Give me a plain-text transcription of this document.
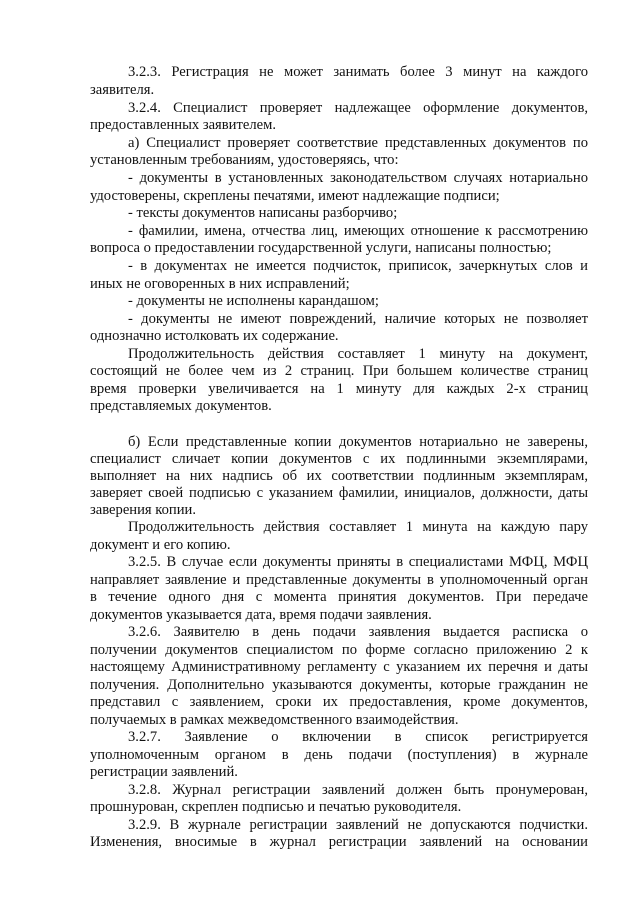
3.2.3. Регистрация не может занимать более 3 минут на каждого
заявителя.
3.2.4. Специалист проверяет надлежащее оформление документов,
предоставленных заявителем.
а) Специалист проверяет соответствие представленных документов по
установленным требованиям, удостоверяясь, что:
- документы в установленных законодательством случаях нотариально
удостоверены, скреплены печатями, имеют надлежащие подписи;
- тексты документов написаны разборчиво;
- фамилии, имена, отчества лиц, имеющих отношение к рассмотрению
вопроса о предоставлении государственной услуги, написаны полностью;
- в документах не имеется подчисток, приписок, зачеркнутых слов и
иных не оговоренных в них исправлений;
- документы не исполнены карандашом;
- документы не имеют повреждений, наличие которых не позволяет
однозначно истолковать их содержание.
Продолжительность действия составляет 1 минуту на документ,
состоящий не более чем из 2 страниц. При большем количестве страниц
время проверки увеличивается на 1 минуту для каждых 2-х страниц
представляемых документов.
б) Если представленные копии документов нотариально не заверены,
специалист сличает копии документов с их подлинными экземплярами,
выполняет на них надпись об их соответствии подлинным экземплярам,
заверяет своей подписью с указанием фамилии, инициалов, должности, даты
заверения копии.
Продолжительность действия составляет 1 минута на каждую пару
документ и его копию.
3.2.5. В случае если документы приняты в специалистами МФЦ, МФЦ
направляет заявление и представленные документы в уполномоченный орган
в течение одного дня с момента принятия документов. При передаче
документов указывается дата, время подачи заявления.
3.2.6. Заявителю в день подачи заявления выдается расписка о
получении документов специалистом по форме согласно приложению 2 к
настоящему Административному регламенту с указанием их перечня и даты
получения. Дополнительно указываются документы, которые гражданин не
представил с заявлением, сроки их предоставления, кроме документов,
получаемых в рамках межведомственного взаимодействия.
3.2.7. Заявление о включении в список регистрируется
уполномоченным органом в день подачи (поступления) в журнале
регистрации заявлений.
3.2.8. Журнал регистрации заявлений должен быть пронумерован,
прошнурован, скреплен подписью и печатью руководителя.
3.2.9. В журнале регистрации заявлений не допускаются подчистки.
Изменения, вносимые в журнал регистрации заявлений на основании
